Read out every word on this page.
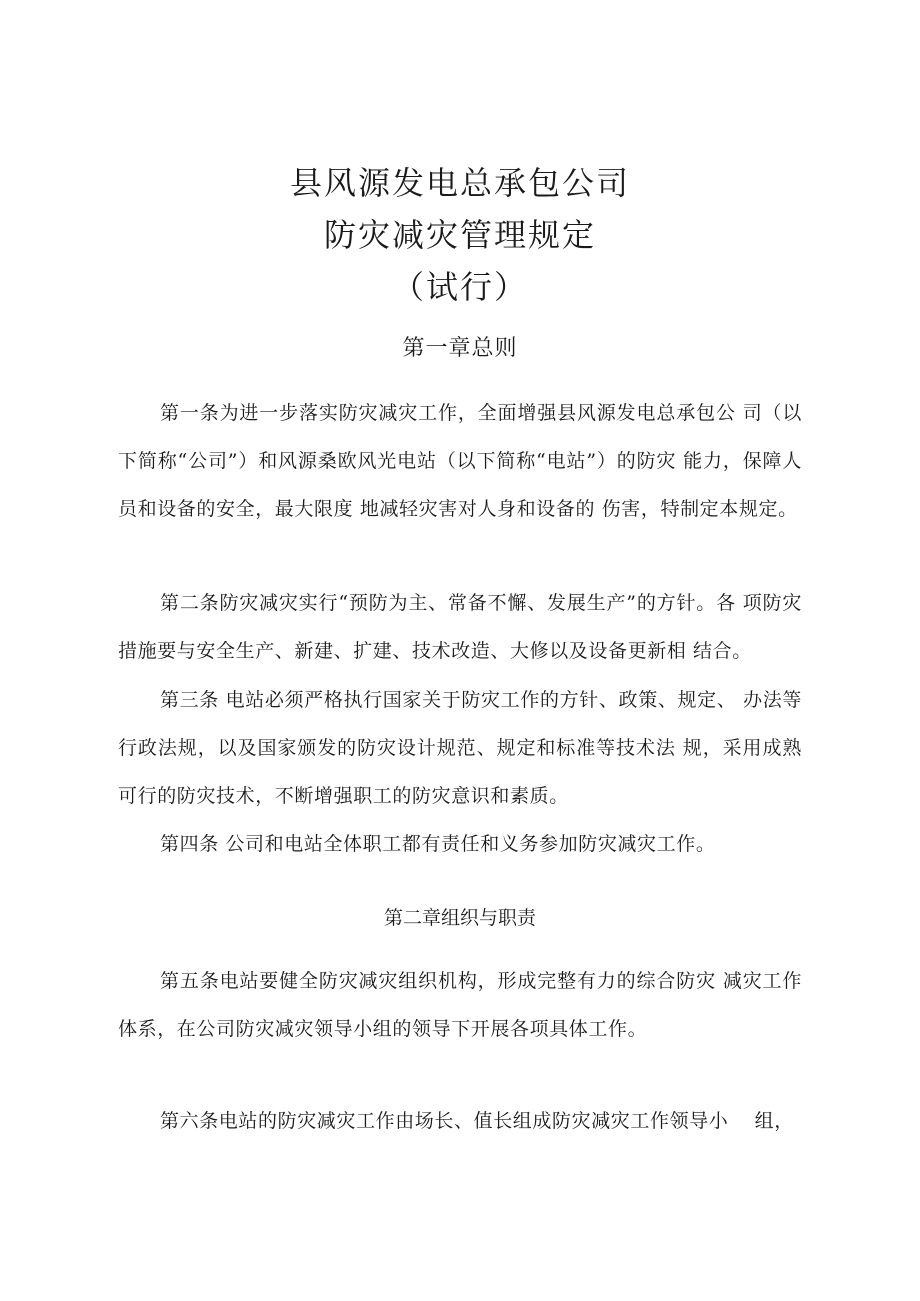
县风源发电总承包公司
防灾减灾管理规定
（试行）
第一章总则

第一条为进一步落实防灾减灾工作，全面增强县风源发电总承包公 司（以下简称“公司”）和风源桑欧风光电站（以下简称“电站”）的防灾 能力，保障人员和设备的安全，最大限度 地减轻灾害对人身和设备的 伤害，特制定本规定。

第二条防灾减灾实行“预防为主、常备不懈、发展生产”的方针。各 项防灾措施要与安全生产、新建、扩建、技术改造、大修以及设备更新相 结合。

第三条 电站必须严格执行国家关于防灾工作的方针、政策、规定、 办法等行政法规，以及国家颁发的防灾设计规范、规定和标准等技术法 规，采用成熟可行的防灾技术，不断增强职工的防灾意识和素质。

第四条 公司和电站全体职工都有责任和义务参加防灾减灾工作。

第二章组织与职责

第五条电站要健全防灾减灾组织机构，形成完整有力的综合防灾 减灾工作体系，在公司防灾减灾领导小组的领导下开展各项具体工作。

第六条电站的防灾减灾工作由场长、值长组成防灾减灾工作领导小　 组，
